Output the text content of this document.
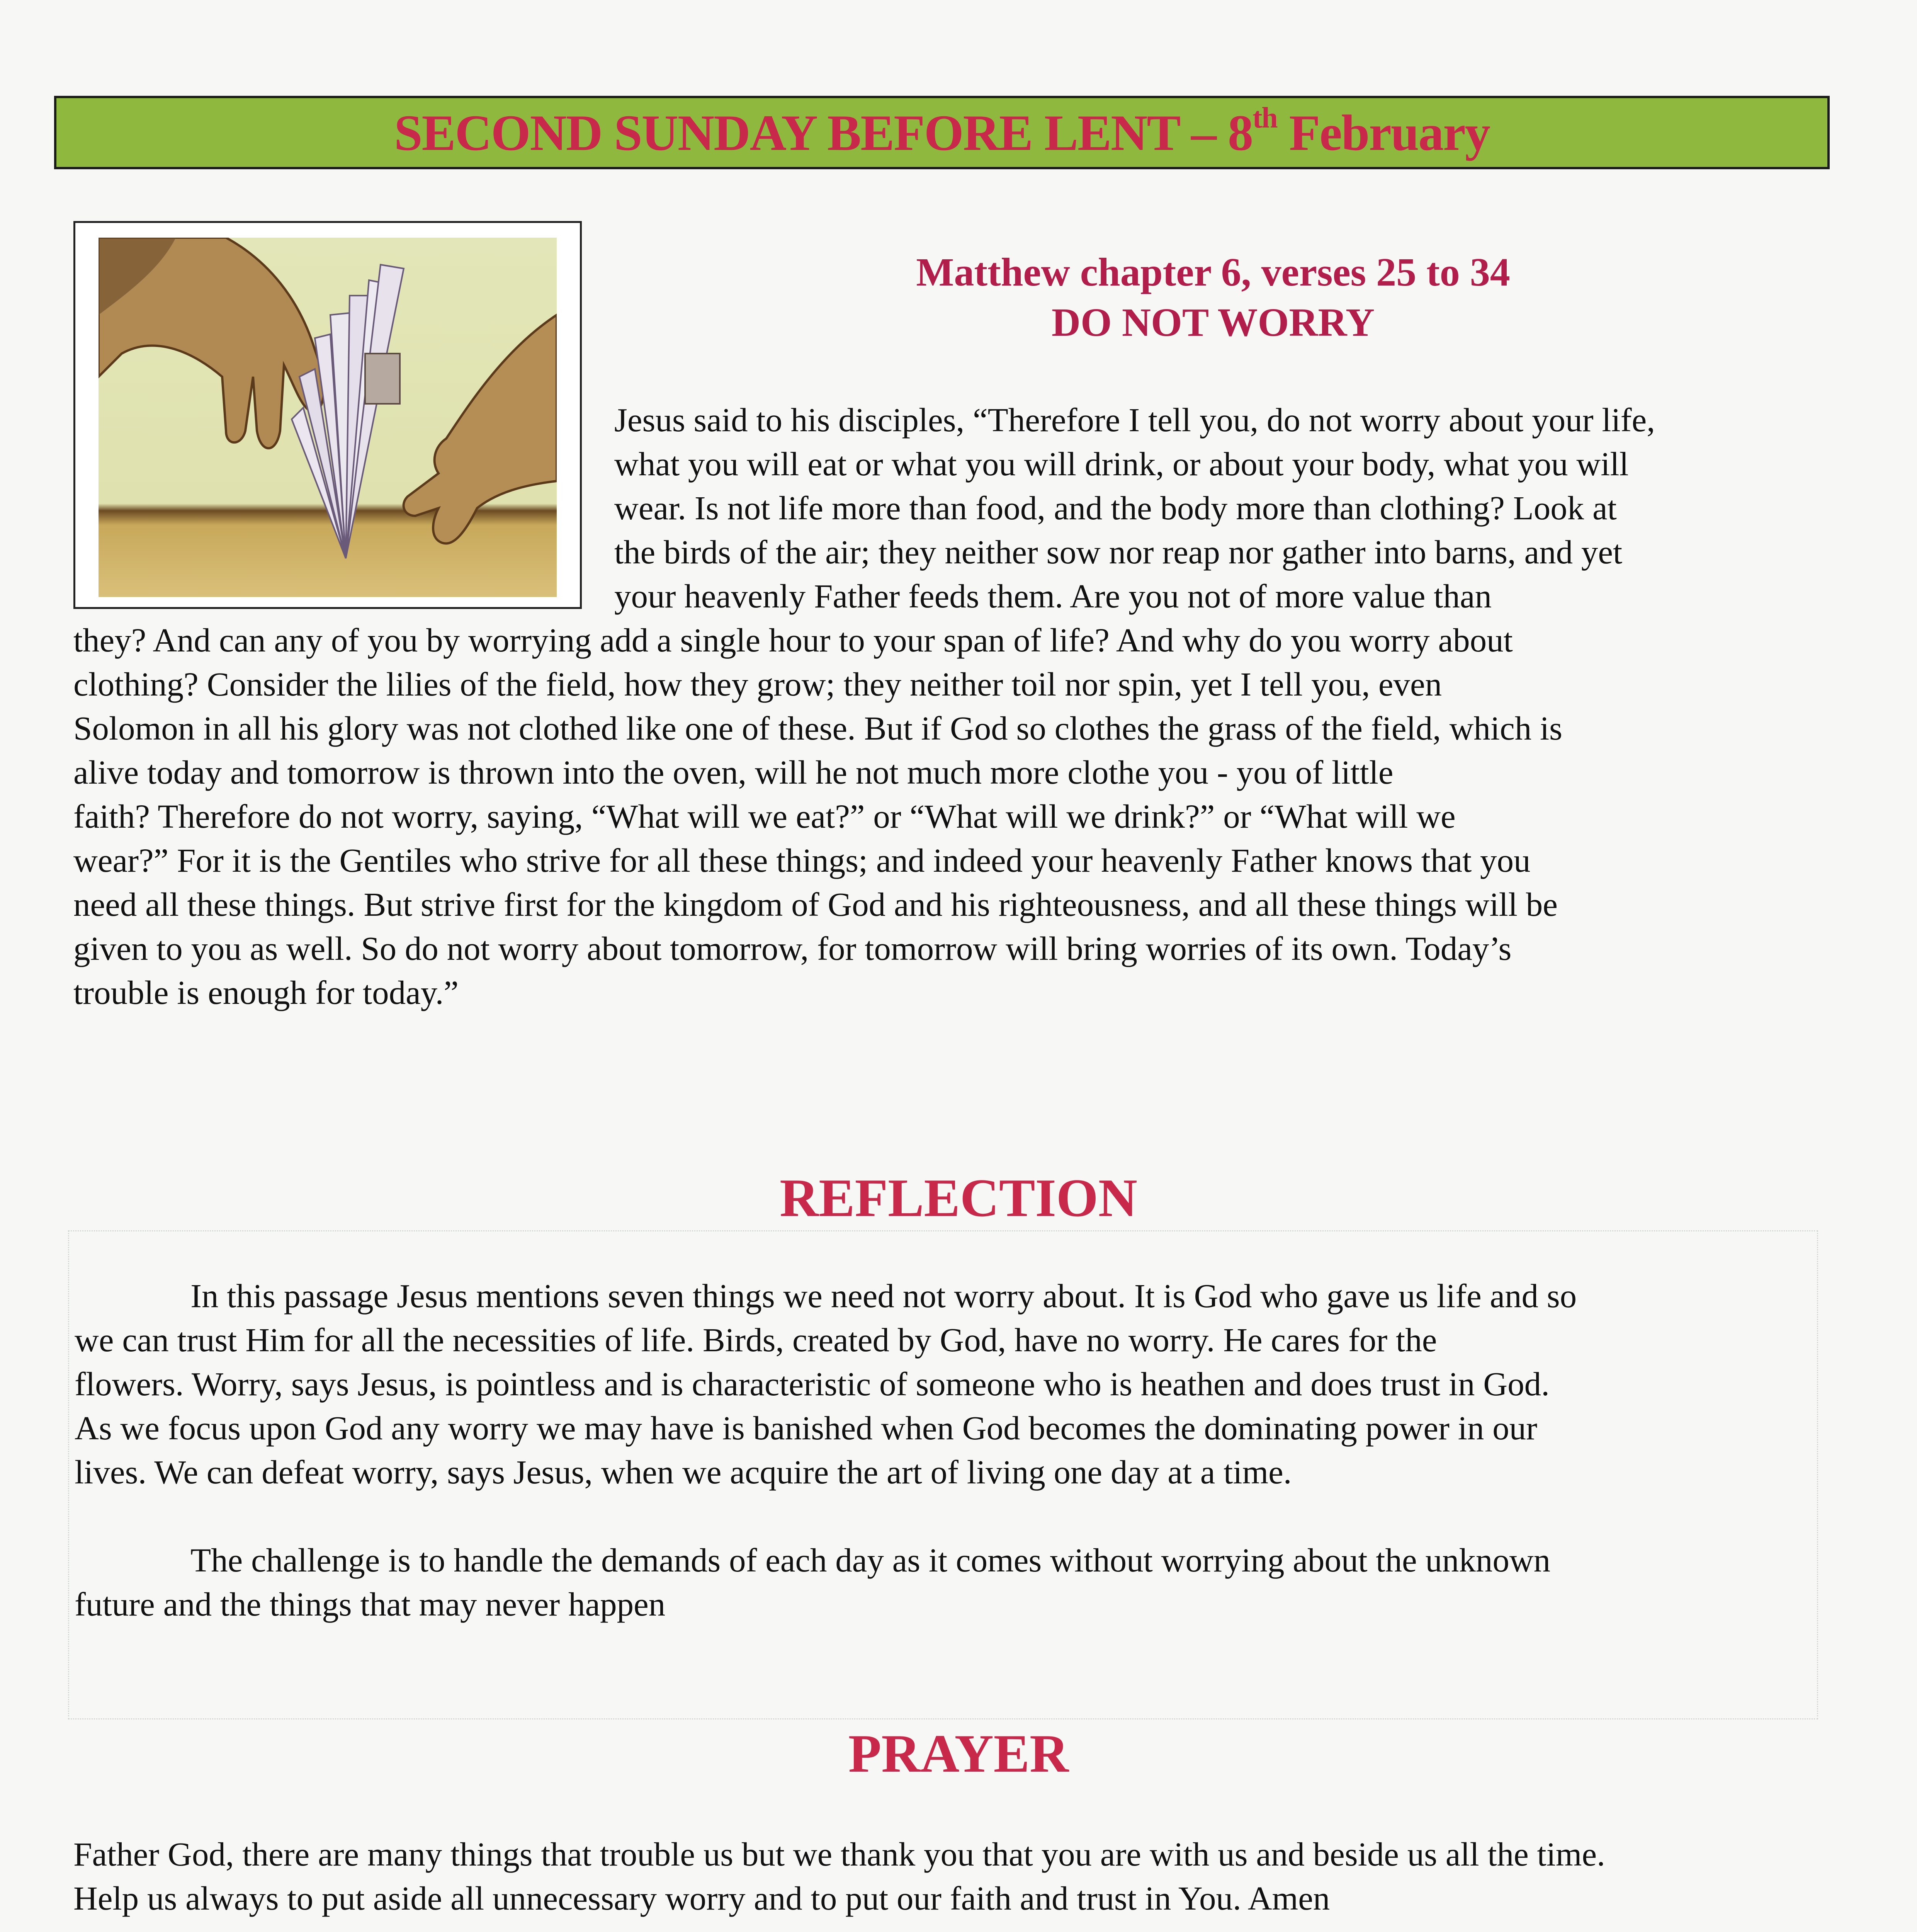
SECOND SUNDAY BEFORE LENT – 8th February
Matthew chapter 6, verses 25 to 34
DO NOT WORRY
Jesus said to his disciples, “Therefore I tell you, do not worry about your life,
what you will eat or what you will drink, or about your body, what you will
wear. Is not life more than food, and the body more than clothing? Look at
the birds of the air; they neither sow nor reap nor gather into barns, and yet
your heavenly Father feeds them. Are you not of more value than
they? And can any of you by worrying add a single hour to your span of life? And why do you worry about
clothing? Consider the lilies of the field, how they grow; they neither toil nor spin, yet I tell you, even
Solomon in all his glory was not clothed like one of these. But if God so clothes the grass of the field, which is
alive today and tomorrow is thrown into the oven, will he not much more clothe you - you of little
faith? Therefore do not worry, saying, “What will we eat?” or “What will we drink?” or “What will we
wear?” For it is the Gentiles who strive for all these things; and indeed your heavenly Father knows that you
need all these things. But strive first for the kingdom of God and his righteousness, and all these things will be
given to you as well. So do not worry about tomorrow, for tomorrow will bring worries of its own. Today’s
trouble is enough for today.”
REFLECTION
In this passage Jesus mentions seven things we need not worry about. It is God who gave us life and so
we can trust Him for all the necessities of life. Birds, created by God, have no worry. He cares for the
flowers. Worry, says Jesus, is pointless and is characteristic of someone who is heathen and does trust in God.
As we focus upon God any worry we may have is banished when God becomes the dominating power in our
lives. We can defeat worry, says Jesus, when we acquire the art of living one day at a time.
The challenge is to handle the demands of each day as it comes without worrying about the unknown
future and the things that may never happen
PRAYER
Father God, there are many things that trouble us but we thank you that you are with us and beside us all the time.
Help us always to put aside all unnecessary worry and to put our faith and trust in You. Amen
